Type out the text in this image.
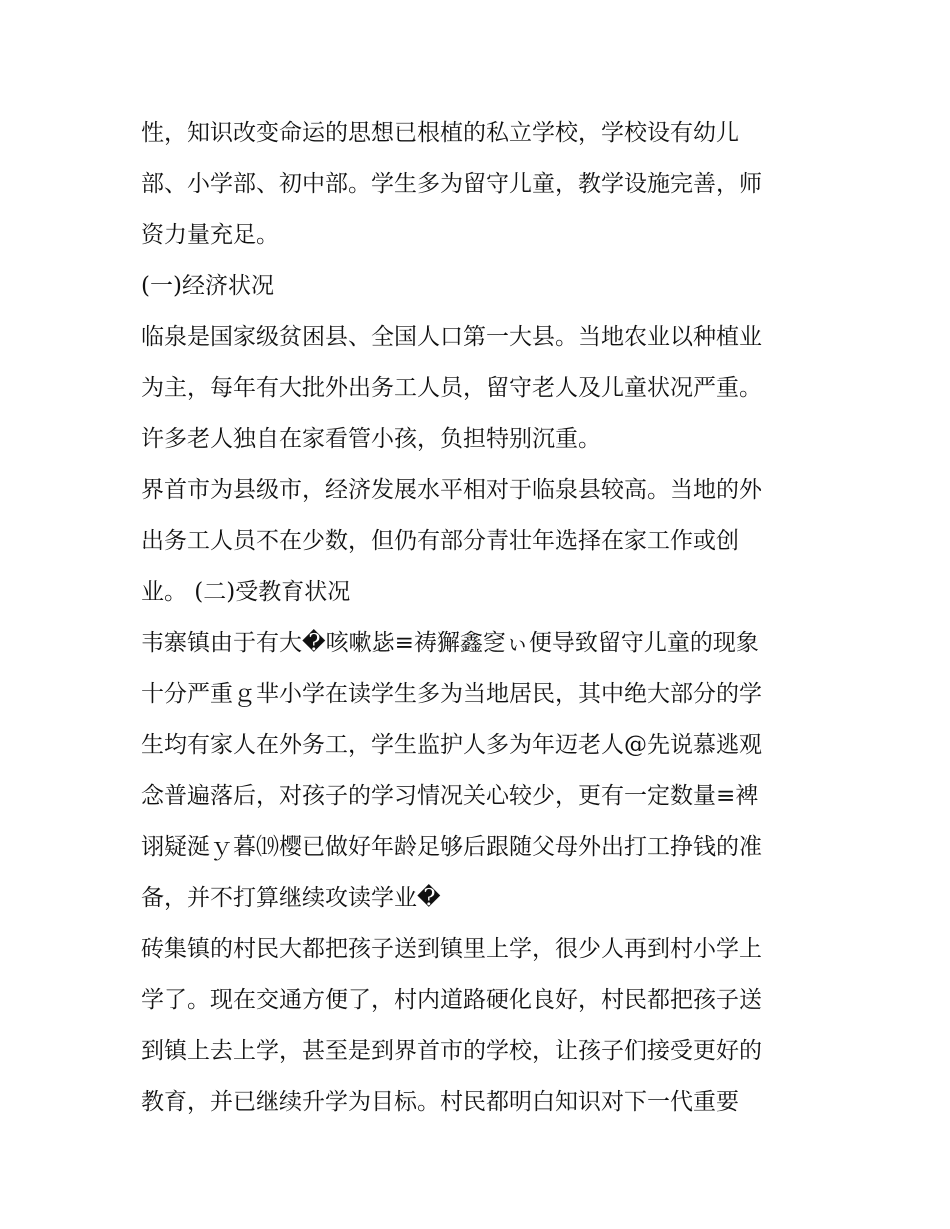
性，知识改变命运的思想已根植的私立学校，学校设有幼儿
部、小学部、初中部。学生多为留守儿童，教学设施完善，师
资力量充足。
(一)经济状况
临泉是国家级贫困县、全国人口第一大县。当地农业以种植业
为主，每年有大批外出务工人员，留守老人及儿童状况严重。
许多老人独自在家看管小孩，负担特别沉重。
界首市为县级市，经济发展水平相对于临泉县较高。当地的外
出务工人员不在少数，但仍有部分青壮年选择在家工作或创
业。 (二)受教育状况
韦寨镇由于有大�咳嗽毖≡祷獬鑫窆ぃ便导致留守儿童的现象
十分严重ｇ芈小学在读学生多为当地居民，其中绝大部分的学
生均有家人在外务工，学生监护人多为年迈老人@先说慕逃观
念普遍落后，对孩子的学习情况关心较少，更有一定数量≡裨
诩疑涎ｙ暮⒆樱已做好年龄足够后跟随父母外出打工挣钱的准
备，并不打算继续攻读学业�
砖集镇的村民大都把孩子送到镇里上学，很少人再到村小学上
学了。现在交通方便了，村内道路硬化良好，村民都把孩子送
到镇上去上学，甚至是到界首市的学校，让孩子们接受更好的
教育，并已继续升学为目标。村民都明白知识对下一代重要
